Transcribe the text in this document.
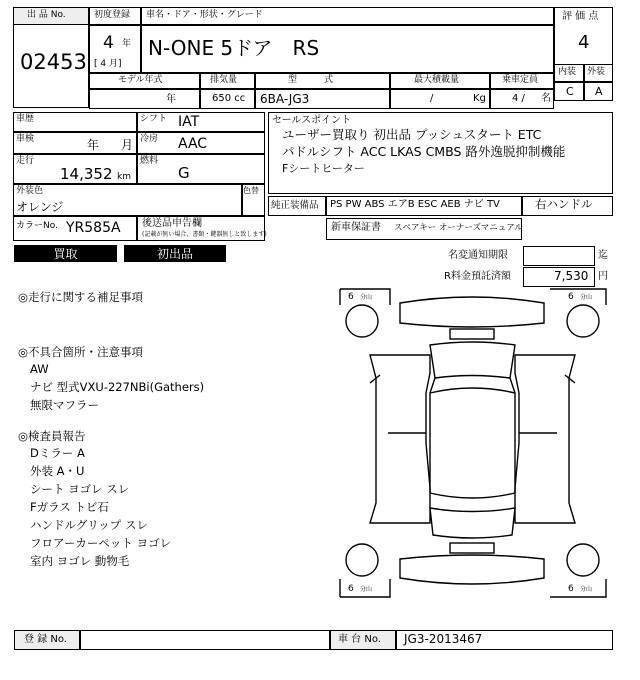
出 品 No.
02453
初度登録 車名・ドア・形状・グレード
4 年
[ 4 月]
N-ONE 5ドア　RS
評 価 点
4
内装 外装
C A
モデル年式	排気量	型　　　式	最大積載量	乗車定員
年	650 cc 6BA-JG3	/	Kg	4 / 名
車歴	シフト IAT
車検	年 月 冷房 AAC
走行
14,352 km
燃料
G
外装色
オレンジ
色替
カラーNo. YR585A 後送品申告欄
(記載が無い場合、書類・鍵器無しと致します)
セールスポイント
ユーザー買取り 初出品 プッシュスタート ETC
パドルシフト ACC LKAS CMBS 路外逸脱抑制機能
Fシートヒーター
純正装備品 PS PW ABS エアB ESC AEB ナビ TV	右ハンドル
新車保証書 スペアキー オーナーズマニュアル
買取	初出品	名変通知期限	迄
R料金預託済額	7,530 円
◎走行に関する補足事項
◎不具合箇所・注意事項
AW
ナビ 型式VXU-227NBi(Gathers)
無限マフラー
◎検査員報告
Dミラー A
外装 A・U
シート ヨゴレ スレ
Fガラス トビ石
ハンドルグリップ スレ
フロアーカーペット ヨゴレ
室内 ヨゴレ 動物毛
6 分山	6 分山
6 分山	6 分山
登 録 No.	車 台 No. JG3-2013467
